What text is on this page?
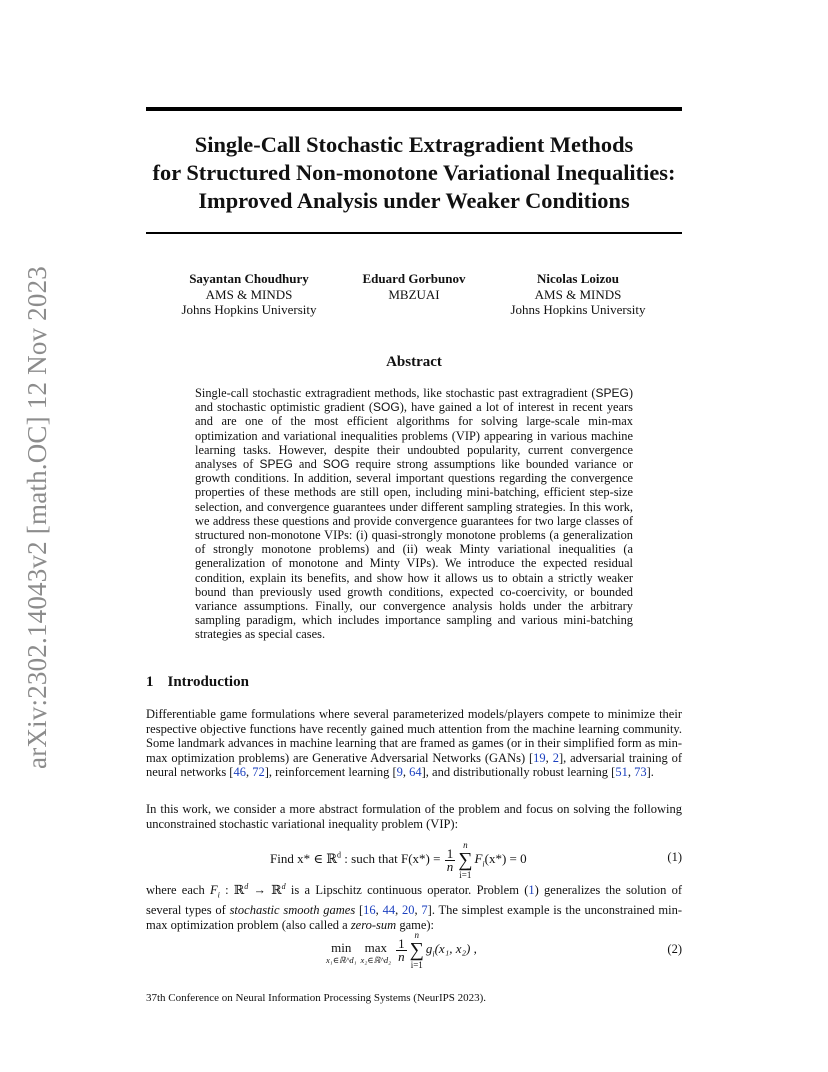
arXiv:2302.14043v2 [math.OC] 12 Nov 2023
Single-Call Stochastic Extragradient Methods
for Structured Non-monotone Variational Inequalities:
Improved Analysis under Weaker Conditions
Sayantan Choudhury
AMS & MINDS
Johns Hopkins University
Eduard Gorbunov
MBZUAI
Nicolas Loizou
AMS & MINDS
Johns Hopkins University
Abstract

Single-call stochastic extragradient methods, like stochastic past extragradient (SPEG) and stochastic optimistic gradient (SOG), have gained a lot of interest in recent years and are one of the most efficient algorithms for solving large-scale min-max optimization and variational inequalities problems (VIP) appearing in various machine learning tasks. However, despite their undoubted popularity, current convergence analyses of SPEG and SOG require strong assumptions like bounded variance or growth conditions. In addition, several important questions regarding the convergence properties of these methods are still open, including mini-batching, efficient step-size selection, and convergence guarantees under different sampling strategies. In this work, we address these questions and provide convergence guarantees for two large classes of structured non-monotone VIPs: (i) quasi-strongly monotone problems (a generalization of strongly monotone problems) and (ii) weak Minty variational inequalities (a generalization of monotone and Minty VIPs). We introduce the expected residual condition, explain its benefits, and show how it allows us to obtain a strictly weaker bound than previously used growth conditions, expected co-coercivity, or bounded variance assumptions. Finally, our convergence analysis holds under the arbitrary sampling paradigm, which includes importance sampling and various mini-batching strategies as special cases.

1 Introduction

Differentiable game formulations where several parameterized models/players compete to minimize their respective objective functions have recently gained much attention from the machine learning community. Some landmark advances in machine learning that are framed as games (or in their simplified form as min-max optimization problems) are Generative Adversarial Networks (GANs) [19, 2], adversarial training of neural networks [46, 72], reinforcement learning [9, 64], and distributionally robust learning [51, 73].

In this work, we consider a more abstract formulation of the problem and focus on solving the following unconstrained stochastic variational inequality problem (VIP):

Find x* ∈ ℝ$^d$ : such that $F(x*) = \frac{1}{n}$
n
∑
i=1
$F_i(x*) = 0$	(1)

where each $F_i$ : ℝ$^d$ → ℝ$^d$ is a Lipschitz continuous operator. Problem (1) generalizes the solution of several types of stochastic smooth games [16, 44, 20, 7]. The simplest example is the unconstrained min-max optimization problem (also called a zero-sum game):

min
x₁∈ℝ^d₁
max
x₂∈ℝ^d₂ $\frac{1}{n}$
n
∑
i=1
$g_i(x_1$, x₂) ,	(2)

37th Conference on Neural Information Processing Systems (NeurIPS 2023).
